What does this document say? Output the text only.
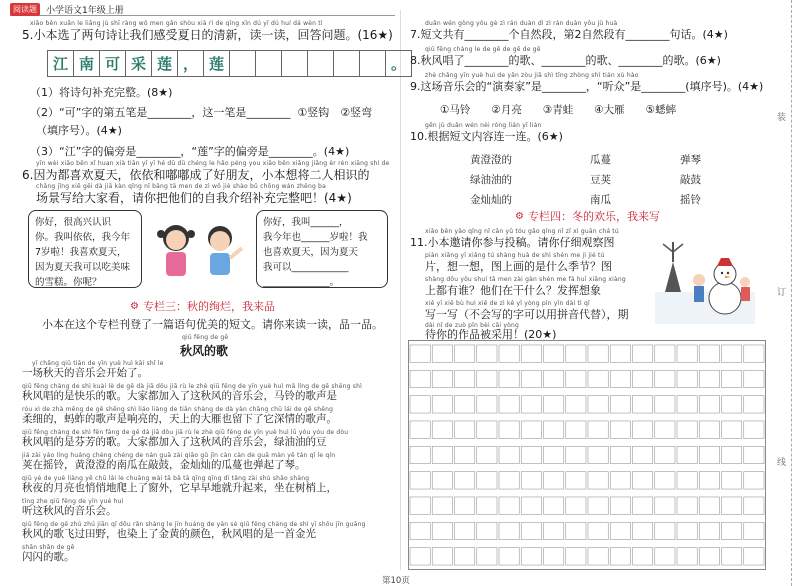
阅读题	小学语文1年级上册
装
订
线
xiǎo běn xuǎn le liǎng jù shī ràng wǒ men gǎn shòu xià rì de qīng xīn dú yī dú huí dá wèn tí
5.小本选了两句诗让我们感受夏日的清新，读一读，回答问题。(16★)
江 南 可 采 莲 ， 莲	。
（1）将诗句补充完整。(8★)
（2）“可”字的第五笔是________，这一笔是________ ①竖钩　②竖弯
（填序号）。(4★)
（3）“江”字的偏旁是________，“莲”字的偏旁是________。(4★)
yīn wèi xiǎo běn xǐ huan xià tiān yī yī hé dū dū chéng le hǎo péng you xiǎo běn xiǎng jiāng èr rén xiāng shí de
6.因为都喜欢夏天，依依和嘟嘟成了好朋友，小本想将二人相识的
chǎng jǐng xiě gěi dà jiā kàn qǐng nǐ bāng tā men de zì wǒ jiè shào bǔ chōng wán zhěng ba
场景写给大家看，请你把他们的自我介绍补充完整吧！(4★)
你好，很高兴认识
你。我叫依依，我今年
7岁啦！我喜欢夏天，
因为夏天我可以吃美味
的雪糕。你呢？
你好，我叫______，
我今年也______岁啦！我
也喜欢夏天，因为夏天
我可以____________
______________。
⚙ 专栏三：秋的绚烂，我来品
小本在这个专栏刊登了一篇语句优美的短文。请你来读一读，品一品。
qiū fēng de gē
秋风的歌
yī chǎng qiū tiān de yīn yuè huì kāi shǐ le
一场秋天的音乐会开始了。
qiū fēng chàng de shì kuài lè de gē dà jiā dōu jiā rù le zhè qiū fēng de yīn yuè huì mǎ líng de gē shēng shì
秋风唱的是快乐的歌。大家都加入了这秋风的音乐会，马铃的歌声是
róu xì de zhà měng de gē shēng shì liáo liàng de tiān shàng de dà yàn chāng chū lái de gē shēng
柔细的，蚂蚱的歌声是响亮的，天上的大雁也留下了它深情的歌声。
qiū fēng chàng de shì fēn fāng de gē dà jiā dōu jiā rù le zhè qiū fēng de yīn yuè huì lǜ yóu yóu de dòu
秋风唱的是芬芳的歌。大家都加入了这秋风的音乐会，绿油油的豆
jiá zài yáo líng huáng chéng chéng de nán guā zài qiāo gǔ jīn càn càn de guā màn yě tán qǐ le qín
荚在摇铃，黄澄澄的南瓜在敲鼓，金灿灿的瓜蔓也弹起了琴。
qiū yè de yuè liàng yě chū lái le chuāng wài tā bǎ tā qīng qīng dì tǎng zài shù shāo shàng
秋夜的月亮也悄悄地爬上了窗外，它早早地就升起来，坐在树梢上，
tīng zhe qiū fēng de yīn yuè huì
听这秋风的音乐会。
qiū fēng de gē zhú zhú jiān qǐ dōu rǎn shàng le jīn huáng de yán sè qiū fēng chàng de shì yī shǒu jīn guāng
秋风的歌飞过田野，也染上了金黄的颜色，秋风唱的是一首金光
shǎn shǎn de gē
闪闪的歌。
duǎn wén gòng yǒu gè zì rán duàn dì zì rán duàn yǒu jù huà
7.短文共有________个自然段，第2自然段有________句话。(4★)
qiū fēng chàng le de gē de gē de gē
8.秋风唱了________的歌、________的歌、________的歌。(6★)
zhè chǎng yīn yuè huì de yǎn zòu jiā shì tīng zhòng shì tián xù hào
9.这场音乐会的“演奏家”是________，“听众”是________(填序号)。(4★)
①马铃　　②月亮　　③青蛙　　④大雁　　⑤蟋蟀
gēn jù duǎn wén nèi róng lián yī lián
10.根据短文内容连一连。(6★)
黄澄澄的
绿油油的
金灿灿的
瓜蔓
豆荚
南瓜
弹琴
敲鼓
摇铃
⚙ 专栏四：冬的欢乐，我来写
xiǎo běn yāo qǐng nǐ cān yǔ tóu gǎo qǐng nǐ zǐ xì guān chá tú
11.小本邀请你参与投稿。请你仔细观察图
piàn xiǎng yī xiǎng tú shàng huà de shì shén me jì jié tú
片，想一想，图上画的是什么季节？图
shàng dōu yǒu shuí tā men zài gàn shén me fā huī xiǎng xiàng
上都有谁？他们在干什么？发挥想象
xiě yī xiě bù huì xiě de zì kě yǐ yòng pīn yīn dài tì qī
写一写（不会写的字可以用拼音代替），期
dài nǐ de zuò pǐn bèi cǎi yòng
待你的作品被采用！(20★)
第10页
